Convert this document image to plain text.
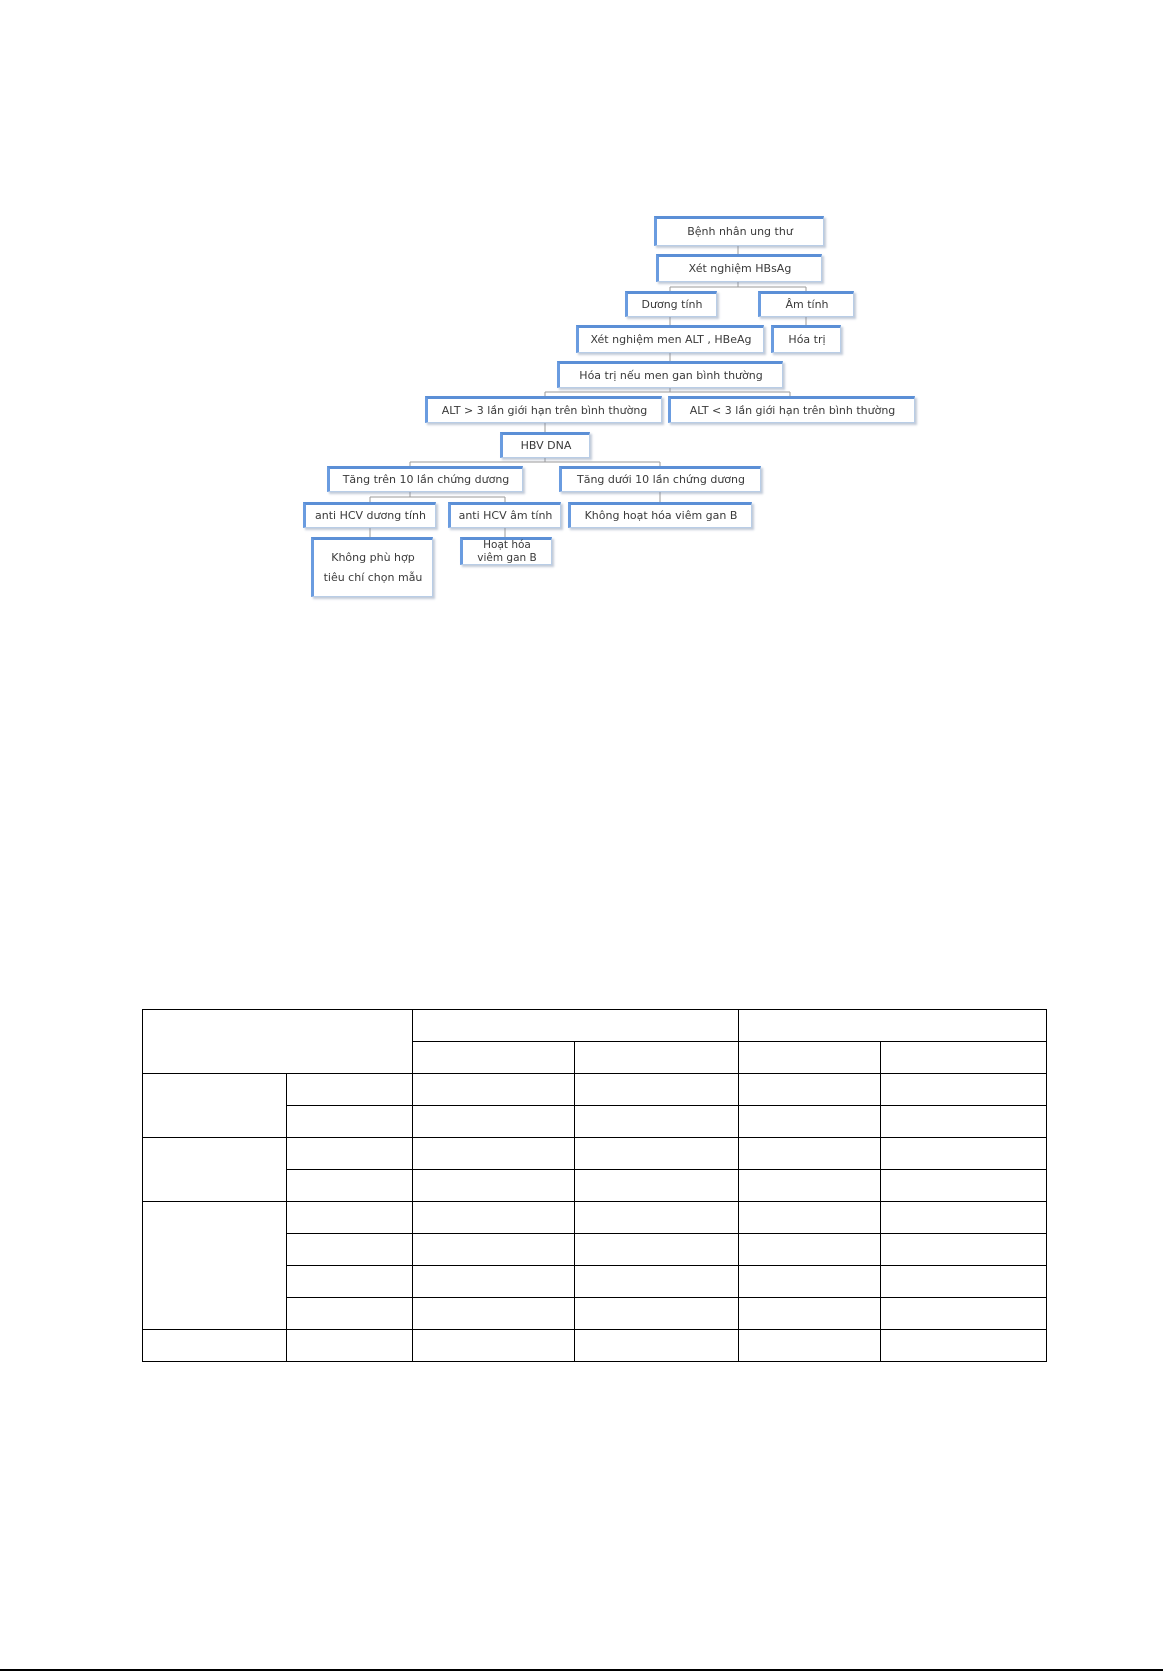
Bệnh nhân ung thư
Xét nghiệm HBsAg
Dương tính	Âm tính
Xét nghiệm men ALT , HBeAg	Hóa trị
Hóa trị nếu men gan bình thường
ALT > 3 lần giới hạn trên bình thường	ALT < 3 lần giới hạn trên bình thường
HBV DNA
Tăng trên 10 lần chứng dương	Tăng dưới 10 lần chứng dương
anti HCV dương tính	anti HCV âm tính	Không hoạt hóa viêm gan B
Không phù hợp
tiêu chí chọn mẫu
Hoạt hóa
viêm gan B
